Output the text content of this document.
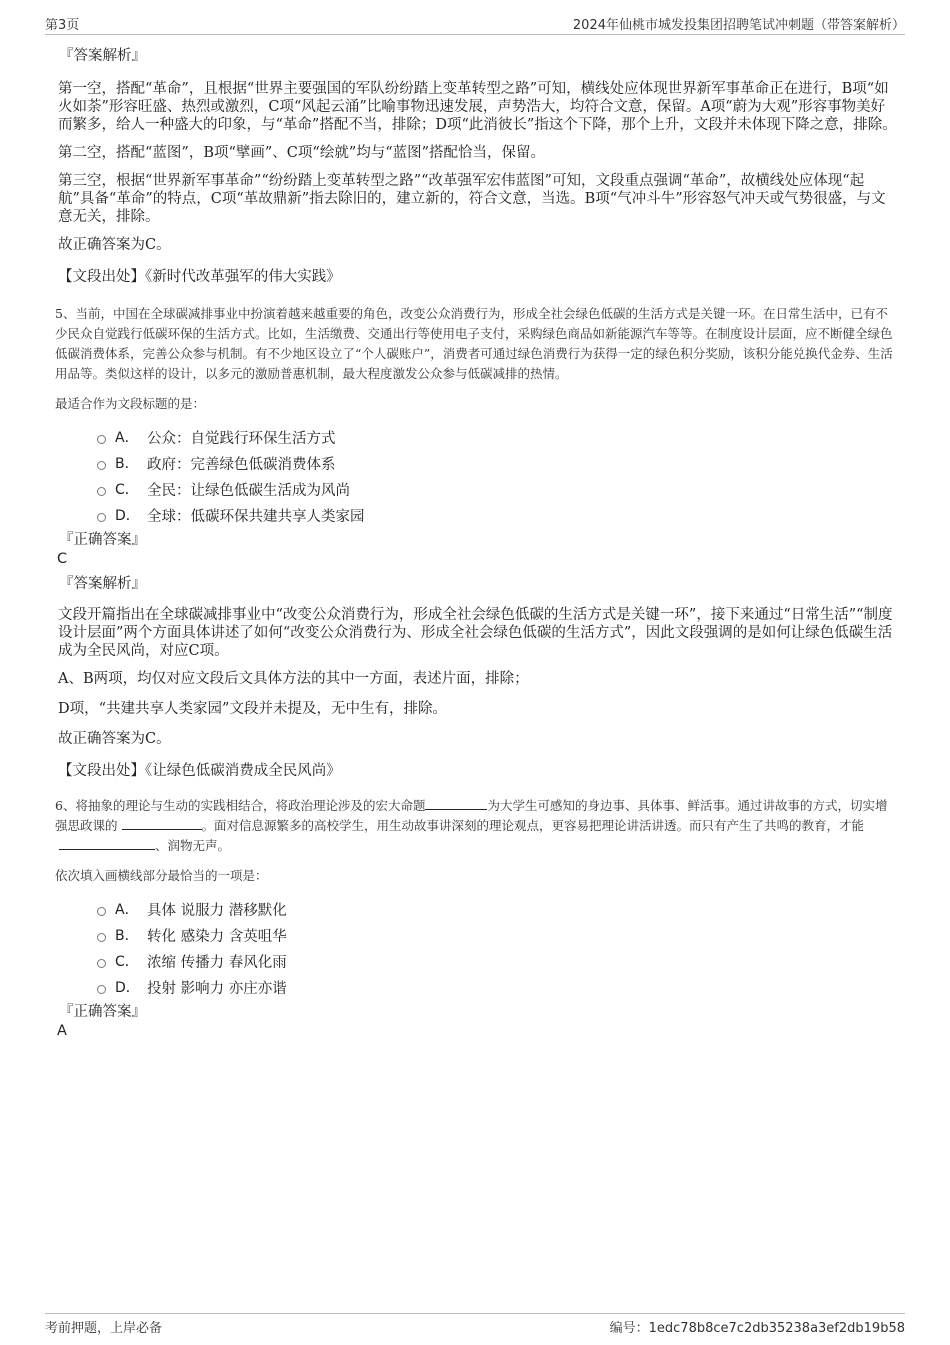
第3页	2024年仙桃市城发投集团招聘笔试冲刺题（带答案解析）
『答案解析』

第一空，搭配“革命”，且根据“世界主要强国的军队纷纷踏上变革转型之路”可知，横线处应体现世界新军事革命正在进行，B项“如火如荼”形容旺盛、热烈或激烈，C项“风起云涌”比喻事物迅速发展，声势浩大，均符合文意，保留。A项“蔚为大观”形容事物美好而繁多，给人一种盛大的印象，与“革命”搭配不当，排除；D项“此消彼长”指这个下降，那个上升，文段并未体现下降之意，排除。

第二空，搭配“蓝图”，B项“擘画”、C项“绘就”均与“蓝图”搭配恰当，保留。

第三空，根据“世界新军事革命”“纷纷踏上变革转型之路”“改革强军宏伟蓝图”可知，文段重点强调“革命”，故横线处应体现“起航”具备“革命”的特点，C项“革故鼎新”指去除旧的，建立新的，符合文意，当选。B项“气冲斗牛”形容怒气冲天或气势很盛，与文意无关，排除。

故正确答案为C。

【文段出处】《新时代改革强军的伟大实践》

5、当前，中国在全球碳减排事业中扮演着越来越重要的角色，改变公众消费行为，形成全社会绿色低碳的生活方式是关键一环。在日常生活中，已有不少民众自觉践行低碳环保的生活方式。比如，生活缴费、交通出行等使用电子支付，采购绿色商品如新能源汽车等等。在制度设计层面，应不断健全绿色低碳消费体系，完善公众参与机制。有不少地区设立了“个人碳账户”，消费者可通过绿色消费行为获得一定的绿色积分奖励，该积分能兑换代金券、生活用品等。类似这样的设计，以多元的激励普惠机制，最大程度激发公众参与低碳减排的热情。

最适合作为文段标题的是：

A． 公众：自觉践行环保生活方式
B． 政府：完善绿色低碳消费体系
C． 全民：让绿色低碳生活成为风尚
D． 全球：低碳环保共建共享人类家园
『正确答案』
C
『答案解析』

文段开篇指出在全球碳减排事业中“改变公众消费行为，形成全社会绿色低碳的生活方式是关键一环”，接下来通过“日常生活”“制度设计层面”两个方面具体讲述了如何“改变公众消费行为、形成全社会绿色低碳的生活方式”，因此文段强调的是如何让绿色低碳生活成为全民风尚，对应C项。

A、B两项，均仅对应文段后文具体方法的其中一方面，表述片面，排除；

D项，“共建共享人类家园”文段并未提及，无中生有，排除。

故正确答案为C。

【文段出处】《让绿色低碳消费成全民风尚》

6、将抽象的理论与生动的实践相结合，将政治理论涉及的宏大命题	为大学生可感知的身边事、具体事、鲜活事。通过讲故事的方式，切实增强思政课的	。面对信息源繁多的高校学生，用生动故事讲深刻的理论观点，更容易把理论讲活讲透。而只有产生了共鸣的教育，才能、润物无声。

依次填入画横线部分最恰当的一项是：

A． 具体 说服力 潜移默化
B． 转化 感染力 含英咀华
C． 浓缩 传播力 春风化雨
D． 投射 影响力 亦庄亦谐
『正确答案』
A
考前押题，上岸必备	编号：1edc78b8ce7c2db35238a3ef2db19b58
